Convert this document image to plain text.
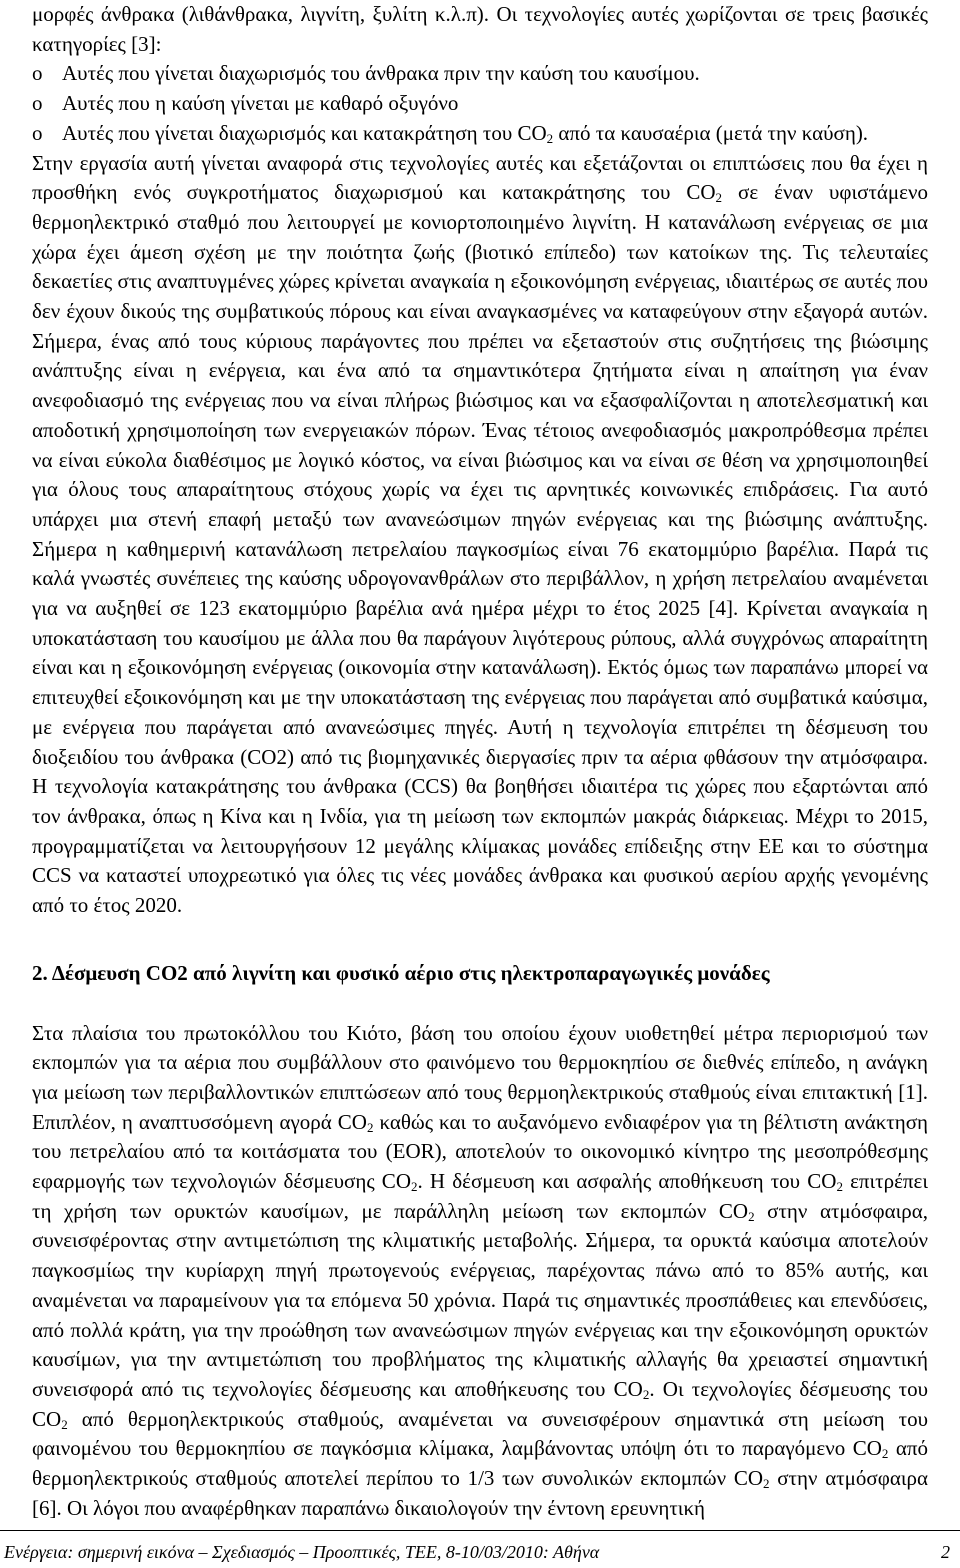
μορφές άνθρακα (λιθάνθρακα, λιγνίτη, ξυλίτη κ.λ.π). Οι τεχνολογίες αυτές χωρίζονται σε τρεις βασικές κατηγορίες [3]:

o Αυτές που γίνεται διαχωρισμός του άνθρακα πριν την καύση του καυσίμου.
o Αυτές που η καύση γίνεται με καθαρό οξυγόνο
o Αυτές που γίνεται διαχωρισμός και κατακράτηση του $CO_2$ από τα καυσαέρια (μετά την καύση).

Στην εργασία αυτή γίνεται αναφορά στις τεχνολογίες αυτές και εξετάζονται οι επιπτώσεις που θα έχει η προσθήκη ενός συγκροτήματος διαχωρισμού και κατακράτησης του $CO_2$ σε έναν υφιστάμενο θερμοηλεκτρικό σταθμό που λειτουργεί με κονιορτοποιημένο λιγνίτη. Η κατανάλωση ενέργειας σε μια χώρα έχει άμεση σχέση με την ποιότητα ζωής (βιοτικό επίπεδο) των κατοίκων της. Τις τελευταίες δεκαετίες στις αναπτυγμένες χώρες κρίνεται αναγκαία η εξοικονόμηση ενέργειας, ιδιαιτέρως σε αυτές που δεν έχουν δικούς της συμβατικούς πόρους και είναι αναγκασμένες να καταφεύγουν στην εξαγορά αυτών. Σήμερα, ένας από τους κύριους παράγοντες που πρέπει να εξεταστούν στις συζητήσεις της βιώσιμης ανάπτυξης είναι η ενέργεια, και ένα από τα σημαντικότερα ζητήματα είναι η απαίτηση για έναν ανεφοδιασμό της ενέργειας που να είναι πλήρως βιώσιμος και να εξασφαλίζονται η αποτελεσματική και αποδοτική χρησιμοποίηση των ενεργειακών πόρων. Ένας τέτοιος ανεφοδιασμός μακροπρόθεσμα πρέπει να είναι εύκολα διαθέσιμος με λογικό κόστος, να είναι βιώσιμος και να είναι σε θέση να χρησιμοποιηθεί για όλους τους απαραίτητους στόχους χωρίς να έχει τις αρνητικές κοινωνικές επιδράσεις. Για αυτό υπάρχει μια στενή επαφή μεταξύ των ανανεώσιμων πηγών ενέργειας και της βιώσιμης ανάπτυξης. Σήμερα η καθημερινή κατανάλωση πετρελαίου παγκοσμίως είναι 76 εκατομμύριο βαρέλια. Παρά τις καλά γνωστές συνέπειες της καύσης υδρογονανθράλων στο περιβάλλον, η χρήση πετρελαίου αναμένεται για να αυξηθεί σε 123 εκατομμύριο βαρέλια ανά ημέρα μέχρι το έτος 2025 [4]. Κρίνεται αναγκαία η υποκατάσταση του καυσίμου με άλλα που θα παράγουν λιγότερους ρύπους, αλλά συγχρόνως απαραίτητη είναι και η εξοικονόμηση ενέργειας (οικονομία στην κατανάλωση). Εκτός όμως των παραπάνω μπορεί να επιτευχθεί εξοικονόμηση και με την υποκατάσταση της ενέργειας που παράγεται από συμβατικά καύσιμα, με ενέργεια που παράγεται από ανανεώσιμες πηγές. Αυτή η τεχνολογία επιτρέπει τη δέσμευση του διοξειδίου του άνθρακα (CO2) από τις βιομηχανικές διεργασίες πριν τα αέρια φθάσουν την ατμόσφαιρα. Η τεχνολογία κατακράτησης του άνθρακα (CCS) θα βοηθήσει ιδιαιτέρα τις χώρες που εξαρτώνται από τον άνθρακα, όπως η Κίνα και η Ινδία, για τη μείωση των εκπομπών μακράς διάρκειας. Μέχρι το 2015, προγραμματίζεται να λειτουργήσουν 12 μεγάλης κλίμακας μονάδες επίδειξης στην ΕΕ και το σύστημα CCS να καταστεί υποχρεωτικό για όλες τις νέες μονάδες άνθρακα και φυσικού αερίου αρχής γενομένης από το έτος 2020.

2. Δέσμευση CO2 από λιγνίτη και φυσικό αέριο στις ηλεκτροπαραγωγικές μονάδες

Στα πλαίσια του πρωτοκόλλου του Κιότο, βάση του οποίου έχουν υιοθετηθεί μέτρα περιορισμού των εκπομπών για τα αέρια που συμβάλλουν στο φαινόμενο του θερμοκηπίου σε διεθνές επίπεδο, η ανάγκη για μείωση των περιβαλλοντικών επιπτώσεων από τους θερμοηλεκτρικούς σταθμούς είναι επιτακτική [1]. Επιπλέον, η αναπτυσσόμενη αγορά $CO_2$ καθώς και το αυξανόμενο ενδιαφέρον για τη βέλτιστη ανάκτηση του πετρελαίου από τα κοιτάσματα του (EOR), αποτελούν το οικονομικό κίνητρο της μεσοπρόθεσμης εφαρμογής των τεχνολογιών δέσμευσης $CO_2$. Η δέσμευση και ασφαλής αποθήκευση του $CO_2$ επιτρέπει τη χρήση των ορυκτών καυσίμων, με παράλληλη μείωση των εκπομπών $CO_2$ στην ατμόσφαιρα, συνεισφέροντας στην αντιμετώπιση της κλιματικής μεταβολής. Σήμερα, τα ορυκτά καύσιμα αποτελούν παγκοσμίως την κυρίαρχη πηγή πρωτογενούς ενέργειας, παρέχοντας πάνω από το 85% αυτής, και αναμένεται να παραμείνουν για τα επόμενα 50 χρόνια. Παρά τις σημαντικές προσπάθειες και επενδύσεις, από πολλά κράτη, για την προώθηση των ανανεώσιμων πηγών ενέργειας και την εξοικονόμηση ορυκτών καυσίμων, για την αντιμετώπιση του προβλήματος της κλιματικής αλλαγής θα χρειαστεί σημαντική συνεισφορά από τις τεχνολογίες δέσμευσης και αποθήκευσης του $CO_2$. Οι τεχνολογίες δέσμευσης του $CO_2$ από θερμοηλεκτρικούς σταθμούς, αναμένεται να συνεισφέρουν σημαντικά στη μείωση του φαινομένου του θερμοκηπίου σε παγκόσμια κλίμακα, λαμβάνοντας υπόψη ότι το παραγόμενο $CO_2$ από θερμοηλεκτρικούς σταθμούς αποτελεί περίπου το 1/3 των συνολικών εκπομπών $CO_2$ στην ατμόσφαιρα [6]. Οι λόγοι που αναφέρθηκαν παραπάνω δικαιολογούν την έντονη ερευνητική

Ενέργεια: σημερινή εικόνα – Σχεδιασμός – Προοπτικές, ΤΕΕ, 8-10/03/2010: Αθήνα	2
